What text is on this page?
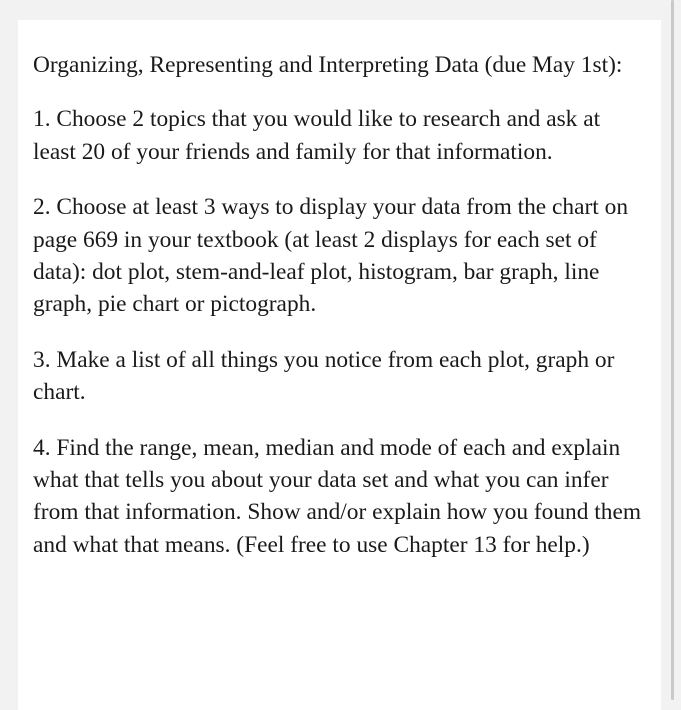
Organizing, Representing and Interpreting Data (due May 1st):
1. Choose 2 topics that you would like to research and ask at least 20 of your friends and family for that information.
2. Choose at least 3 ways to display your data from the chart on page 669 in your textbook (at least 2 displays for each set of data): dot plot, stem-and-leaf plot, histogram, bar graph, line graph, pie chart or pictograph.
3. Make a list of all things you notice from each plot, graph or chart.
4. Find the range, mean, median and mode of each and explain what that tells you about your data set and what you can infer from that information. Show and/or explain how you found them and what that means. (Feel free to use Chapter 13 for help.)
